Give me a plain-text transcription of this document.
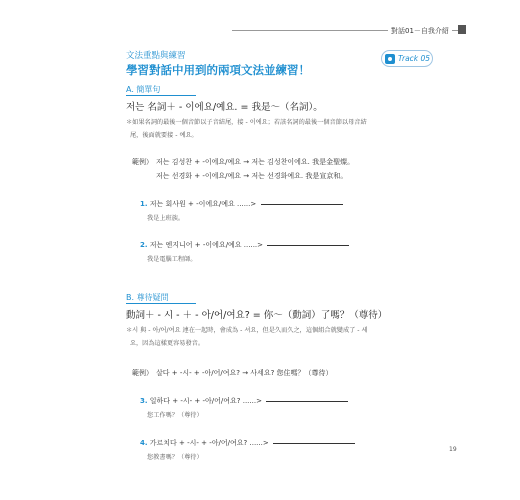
對話01－自我介紹
文法重點與練習
學習對話中用到的兩項文法並練習！
Track 05
A. 簡單句
저는 名詞＋ - 이에요/예요. = 我是～（名詞）。
＊如果名詞的最後一個音節以子音結尾，接 - 이에요；若該名詞的最後一個音節以母音結
尾，後面就要接 - 예요。
範例） 저는 김성찬 + -이에요/예요 → 저는 김성찬이에요. 我是金聖燦。
저는 선경화 + -이에요/예요 → 저는 선경화예요. 我是宣京和。
1. 저는 회사원 + -이에요/예요 ......>
我是上班族。
2. 저는 엔지니어 + -이에요/예요 ......>
我是電腦工程師。
B. 尊待疑問
動詞＋ - 시 - ＋ - 아/어/여요? = 你～（動詞）了嗎？（尊待）
＊시 與 - 아/어/여요 連在一起時，會成為 - 셔요，但是久而久之，這個組合就變成了 - 세
요，因為這樣更容易發音。
範例） 살다 + -시- + -아/어/여요? → 사세요? 您住嗎？（尊待）
3. 일하다 + -시- + -아/어/여요? ......>
您工作嗎？（尊待）
4. 가르치다 + -시- + -아/어/여요? ......>
您教書嗎？（尊待）
19
